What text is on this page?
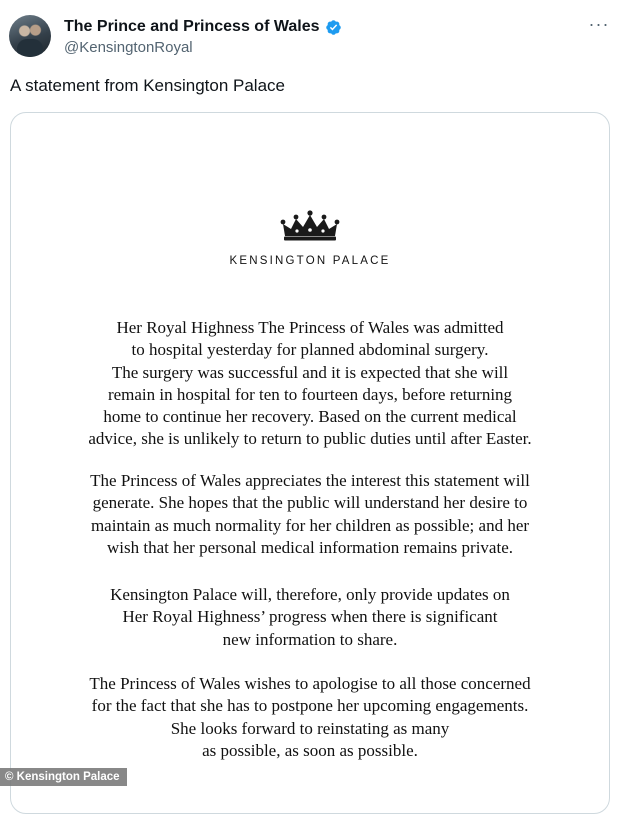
The Prince and Princess of Wales
@KensingtonRoyal
···
A statement from Kensington Palace
KENSINGTON PALACE
Her Royal Highness The Princess of Wales was admitted
to hospital yesterday for planned abdominal surgery.
The surgery was successful and it is expected that she will
remain in hospital for ten to fourteen days, before returning
home to continue her recovery. Based on the current medical
advice, she is unlikely to return to public duties until after Easter.
The Princess of Wales appreciates the interest this statement will
generate. She hopes that the public will understand her desire to
maintain as much normality for her children as possible; and her
wish that her personal medical information remains private.
Kensington Palace will, therefore, only provide updates on
Her Royal Highness’ progress when there is significant
new information to share.
The Princess of Wales wishes to apologise to all those concerned
for the fact that she has to postpone her upcoming engagements.
She looks forward to reinstating as many
as possible, as soon as possible.
© Kensington Palace
